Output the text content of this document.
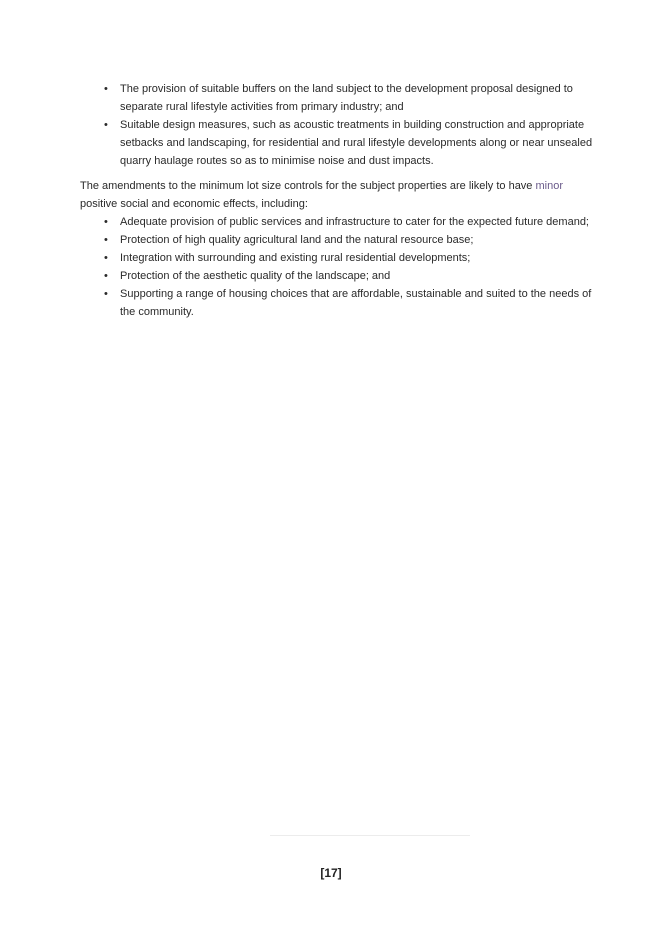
•	The provision of suitable buffers on the land subject to the development proposal designed to separate rural lifestyle activities from primary industry; and
•	Suitable design measures, such as acoustic treatments in building construction and appropriate setbacks and landscaping, for residential and rural lifestyle developments along or near unsealed quarry haulage routes so as to minimise noise and dust impacts.

The amendments to the minimum lot size controls for the subject properties are likely to have minor positive social and economic effects, including:

•	Adequate provision of public services and infrastructure to cater for the expected future demand;
•	Protection of high quality agricultural land and the natural resource base;
•	Integration with surrounding and existing rural residential developments;
•	Protection of the aesthetic quality of the landscape; and
•	Supporting a range of housing choices that are affordable, sustainable and suited to the needs of the community.
[17]
